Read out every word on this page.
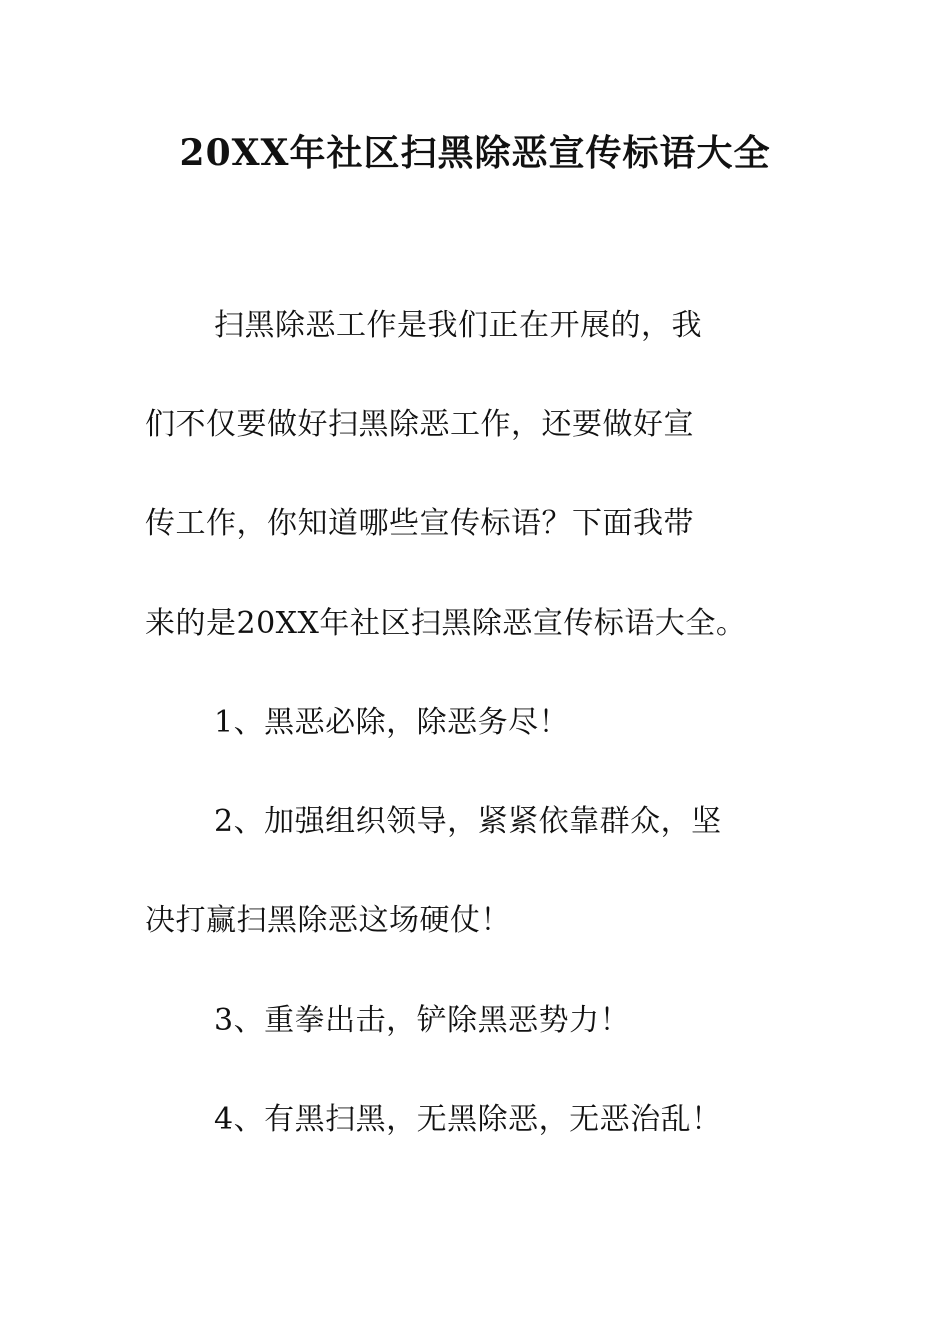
20XX年社区扫黑除恶宣传标语大全
扫黑除恶工作是我们正在开展的，我
们不仅要做好扫黑除恶工作，还要做好宣
传工作，你知道哪些宣传标语？下面我带
来的是20XX年社区扫黑除恶宣传标语大全。
1、黑恶必除，除恶务尽！
2、加强组织领导，紧紧依靠群众，坚
决打赢扫黑除恶这场硬仗！
3、重拳出击，铲除黑恶势力！
4、有黑扫黑，无黑除恶，无恶治乱！
